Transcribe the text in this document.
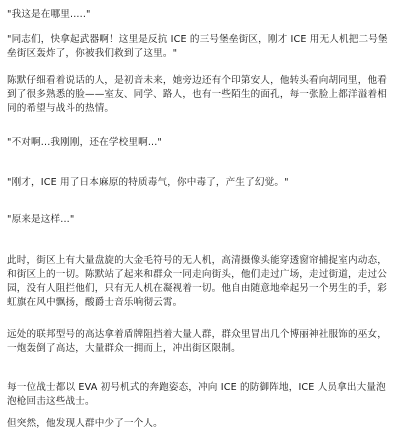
"我这是在哪里....."

"同志们，快拿起武器啊！这里是反抗 ICE 的三号堡垒街区，刚才 ICE 用无人机把二号堡垒街区轰炸了，你被我们救到了这里。"

陈默仔细看着说话的人，是初音未来，她旁边还有个印第安人，他转头看向胡同里，他看到了很多熟悉的脸——室友、同学、路人，也有一些陌生的面孔，每一张脸上都洋溢着相同的希望与战斗的热情。

"不对啊...我刚刚，还在学校里啊..."

"刚才，ICE 用了日本麻原的特质毒气，你中毒了，产生了幻觉。"

"原来是这样..."

此时，街区上有大量盘旋的大金毛符号的无人机，高清摄像头能穿透窗帘捕捉室内动态，和街区上的一切。陈默站了起来和群众一同走向街头，他们走过广场，走过街道，走过公园，没有人阻拦他们，只有无人机在凝视着一切。他自由随意地牵起另一个男生的手，彩虹旗在风中飘扬，酸爵士音乐响彻云霄。

远处的联邦型号的高达拿着盾牌阻挡着大量人群，群众里冒出几个博丽神社服饰的巫女，一炮轰倒了高达，大量群众一拥而上，冲出街区限制。

每一位战士都以 EVA 初号机式的奔跑姿态，冲向 ICE 的防御阵地，ICE 人员拿出大量泡泡枪回击这些战士。

但突然，他发现人群中少了一个人。
